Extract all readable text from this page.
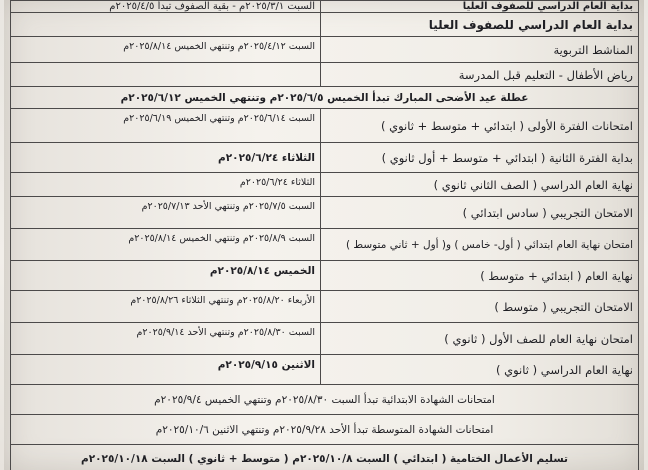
بداية العام الدراسي للصفوف العليا	السبت ٢٠٢٥/٣/١م - بقية الصفوف تبدأ ٢٠٢٥/٤/٥م
بداية العام الدراسي للصفوف العليا	
المناشط التربوية	السبت ٢٠٢٥/٤/١٢م وتنتهي الخميس ٢٠٢٥/٨/١٤م
رياض الأطفال - التعليم قبل المدرسة	
عطلة عيد الأضحى المبارك تبدأ الخميس ٢٠٢٥/٦/٥م وتنتهي الخميس ٢٠٢٥/٦/١٢م	
امتحانات الفترة الأولى ( ابتدائي + متوسط + ثانوي )	السبت ٢٠٢٥/٦/١٤م وتنتهي الخميس ٢٠٢٥/٦/١٩م
بداية الفترة الثانية ( ابتدائي + متوسط + أول ثانوي )	الثلاثاء ٢٠٢٥/٦/٢٤م
نهاية العام الدراسي ( الصف الثاني ثانوي )	الثلاثاء ٢٠٢٥/٦/٢٤م
الامتحان التجريبي ( سادس ابتدائي )	السبت ٢٠٢٥/٧/٥م وتنتهي الأحد ٢٠٢٥/٧/١٣م
امتحان نهاية العام ابتدائي ( أول- خامس ) و( أول + ثاني متوسط )	السبت ٢٠٢٥/٨/٩م وتنتهي الخميس ٢٠٢٥/٨/١٤م
نهاية العام ( ابتدائي + متوسط )	الخميس ٢٠٢٥/٨/١٤م
الامتحان التجريبي ( متوسط )	الأربعاء ٢٠٢٥/٨/٢٠م وتنتهي الثلاثاء ٢٠٢٥/٨/٢٦م
امتحان نهاية العام للصف الأول ( ثانوي )	السبت ٢٠٢٥/٨/٣٠م وتنتهي الأحد ٢٠٢٥/٩/١٤م
نهاية العام الدراسي ( ثانوي )	الاثنين ٢٠٢٥/٩/١٥م
امتحانات الشهادة الابتدائية تبدأ السبت ٢٠٢٥/٨/٣٠م وتنتهي الخميس ٢٠٢٥/٩/٤م	
امتحانات الشهادة المتوسطة تبدأ الأحد ٢٠٢٥/٩/٢٨م وتنتهي الاثنين ٢٠٢٥/١٠/٦م	
تسليم الأعمال الختامية ( ابتدائي ) السبت ٢٠٢٥/١٠/٨م ( متوسط + ثانوي ) السبت ٢٠٢٥/١٠/١٨م	
